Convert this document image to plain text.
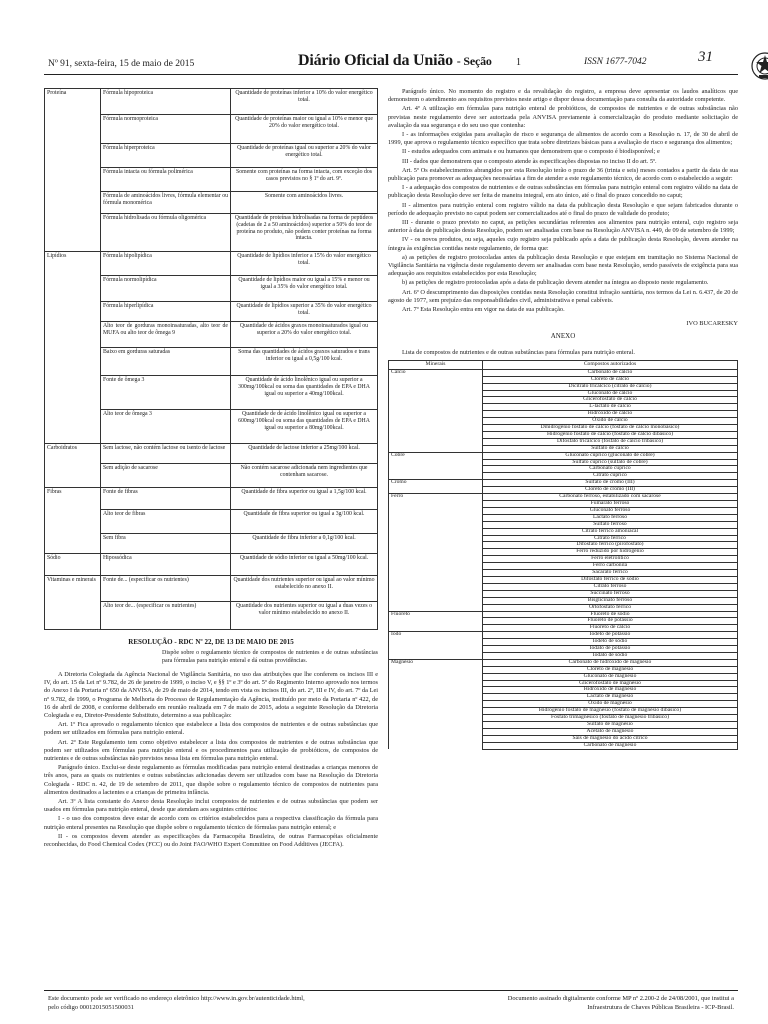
Nº 91, sexta-feira, 15 de maio de 2015	Diário Oficial da União - Seção 1	ISSN 1677-7042	31
Proteína	Fórmula hipoproteica	Quantidade de proteínas inferior a 10% do valor energético total.
	Fórmula normoproteica	Quantidade de proteínas maior ou igual a 10% e menor que 20% do valor energético total.
	Fórmula hiperproteica	Quantidade de proteínas igual ou superior a 20% do valor energético total.
	Fórmula intacta ou fórmula polimérica	Somente com proteínas na forma intacta, com exceção dos casos previstos no § 1º do art. 9º.
	Fórmula de aminoácidos livres, fórmula elementar ou fórmula monomérica	Somente com aminoácidos livres.
	Fórmula hidrolisada ou fórmula oligomérica	Quantidade de proteínas hidrolisadas na forma de peptídeos (cadeias de 2 a 50 aminoácidos) superior a 50% do teor de proteína no produto, não podem conter proteínas na forma intacta.
Lipídios	Fórmula hipolipídica	Quantidade de lipídios inferior a 15% do valor energético total.
	Fórmula normolipídica	Quantidade de lipídios maior ou igual a 15% e menor ou igual a 35% do valor energético total.
	Fórmula hiperlipídica	Quantidade de lipídios superior a 35% do valor energético total.
	Alto teor de gorduras monoinsaturadas, alto teor de MUFA ou alto teor de ômega 9	Quantidade de ácidos graxos monoinsaturados igual ou superior a 20% do valor energético total.
	Baixo em gorduras saturadas	Soma das quantidades de ácidos graxos saturados e trans inferior ou igual a 0,5g/100 kcal.
	Fonte de ômega 3	Quantidade de ácido linolênico igual ou superior a 300mg/100kcal ou soma das quantidades de EPA e DHA igual ou superior a 40mg/100kcal.
	Alto teor de ômega 3	Quantidade de de ácido linolênico igual ou superior a 600mg/100kcal ou soma das quantidades de EPA e DHA igual ou superior a 80mg/100kcal.
Carboidratos	Sem lactose, não contém lactose ou isento de lactose	Quantidade de lactose inferior a 25mg/100 kcal.
	Sem adição de sacarose	Não contém sacarose adicionada nem ingredientes que contenham sacarose.
Fibras	Fonte de fibras	Quantidade de fibra superior ou igual a 1,5g/100 kcal.
	Alto teor de fibras	Quantidade de fibra superior ou igual a 3g/100 kcal.
	Sem fibra	Quantidade de fibra inferior a 0,1g/100 kcal.
Sódio	Hipossódica	Quantidade de sódio inferior ou igual a 50mg/100 kcal.
Vitaminas e minerais	Fonte de... (especificar os nutrientes)	Quantidade dos nutrientes superior ou igual ao valor mínimo estabelecido no anexo II.
	Alto teor de... (especificar os nutrientes)	Quantidade dos nutrientes superior ou igual a duas vezes o valor mínimo estabelecido no anexo II.
RESOLUÇÃO - RDC Nº 22, DE 13 DE MAIO DE 2015
Dispõe sobre o regulamento técnico de compostos de nutrientes e de outras substâncias para fórmulas para nutrição enteral e dá outras providências.
A Diretoria Colegiada da Agência Nacional de Vigilância Sanitária, no uso das atribuições que lhe conferem os incisos III e IV, do art. 15 da Lei nº 9.782, de 26 de janeiro de 1999, o inciso V, e §§ 1º e 3º do art. 5º do Regimento Interno aprovado nos termos do Anexo I da Portaria nº 650 da ANVISA, de 29 de maio de 2014, tendo em vista os incisos III, do art. 2º, III e IV, do art. 7º da Lei nº 9.782, de 1999, o Programa de Melhoria do Processo de Regulamentação da Agência, instituído por meio da Portaria nº 422, de 16 de abril de 2008, e conforme deliberado em reunião realizada em 7 de maio de 2015, adota a seguinte Resolução da Diretoria Colegiada e eu, Diretor-Presidente Substituto, determino a sua publicação:
Art. 1º Fica aprovado o regulamento técnico que estabelece a lista dos compostos de nutrientes e de outras substâncias que podem ser utilizados em fórmulas para nutrição enteral.
Art. 2º Este Regulamento tem como objetivo estabelecer a lista dos compostos de nutrientes e de outras substâncias que podem ser utilizados em fórmulas para nutrição enteral e os procedimentos para utilização de probióticos, de compostos de nutrientes e de outras substâncias não previstos nessa lista em fórmulas para nutrição enteral.
Parágrafo único. Exclui-se deste regulamento as fórmulas modificadas para nutrição enteral destinadas a crianças menores de três anos, para as quais os nutrientes e outras substâncias adicionadas devem ser utilizados com base na Resolução da Diretoria Colegiada - RDC n. 42, de 19 de setembro de 2011, que dispõe sobre o regulamento técnico de compostos de nutrientes para alimentos destinados a lactentes e a crianças de primeira infância.
Art. 3º A lista constante do Anexo desta Resolução inclui compostos de nutrientes e de outras substâncias que podem ser usados em fórmulas para nutrição enteral, desde que atendam aos seguintes critérios:
I - o uso dos compostos deve estar de acordo com os critérios estabelecidos para a respectiva classificação da fórmula para nutrição enteral presentes na Resolução que dispõe sobre o regulamento técnico de fórmulas para nutrição enteral; e
II - os compostos devem atender as especificações da Farmacopéia Brasileira, de outras Farmacopéias oficialmente reconhecidas, do Food Chemical Codex (FCC) ou do Joint FAO/WHO Expert Committee on Food Additives (JECFA).
Parágrafo único. No momento do registro e da revalidação do registro, a empresa deve apresentar os laudos analíticos que demonstrem o atendimento aos requisitos previstos neste artigo e dispor dessa documentação para consulta da autoridade competente.
Art. 4º A utilização em fórmulas para nutrição enteral de probióticos, de compostos de nutrientes e de outras substâncias não previstas neste regulamento deve ser autorizada pela ANVISA previamente à comercialização do produto mediante solicitação de avaliação da sua segurança e do seu uso que contenha:
I - as informações exigidas para avaliação de risco e segurança de alimentos de acordo com a Resolução n. 17, de 30 de abril de 1999, que aprova o regulamento técnico específico que trata sobre diretrizes básicas para a avaliação de risco e segurança dos alimentos;
II - estudos adequados com animais e ou humanos que demonstrem que o composto é biodisponível; e
III - dados que demonstrem que o composto atende às especificações dispostas no inciso II do art. 5º.
Art. 5º Os estabelecimentos abrangidos por esta Resolução terão o prazo de 36 (trinta e seis) meses contados a partir da data de sua publicação para promover as adequações necessárias a fim de atender a este regulamento técnico, de acordo com o estabelecido a seguir:
I - a adequação dos compostos de nutrientes e de outras substâncias em fórmulas para nutrição enteral com registro válido na data de publicação desta Resolução deve ser feita de maneira integral, em ato único, até o final do prazo concedido no caput;
II - alimentos para nutrição enteral com registro válido na data da publicação desta Resolução e que sejam fabricados durante o período de adequação previsto no caput podem ser comercializados até o final do prazo de validade do produto;
III - durante o prazo previsto no caput, as petições secundárias referentes aos alimentos para nutrição enteral, cujo registro seja anterior à data de publicação desta Resolução, podem ser analisadas com base na Resolução ANVISA n. 449, de 09 de setembro de 1999;
IV - os novos produtos, ou seja, aqueles cujo registro seja publicado após a data de publicação desta Resolução, devem atender na íntegra às exigências contidas neste regulamento, de forma que:
a) as petições de registro protocoladas antes da publicação desta Resolução e que estejam em tramitação no Sistema Nacional de Vigilância Sanitária na vigência deste regulamento devem ser analisadas com base nesta Resolução, sendo passíveis de exigência para sua adequação aos requisitos estabelecidos por esta Resolução;
b) as petições de registro protocoladas após a data de publicação devem atender na íntegra ao disposto neste regulamento.
Art. 6º O descumprimento das disposições contidas nesta Resolução constitui infração sanitária, nos termos da Lei n. 6.437, de 20 de agosto de 1977, sem prejuízo das responsabilidades civil, administrativa e penal cabíveis.
Art. 7º Esta Resolução entra em vigor na data de sua publicação.
IVO BUCARESKY
ANEXO
Lista de compostos de nutrientes e de outras substâncias para fórmulas para nutrição enteral.
Minerais	Compostos autorizados
Cálcio	Carbonato de cálcio
	Cloreto de cálcio
	Dicitrato tricálcico (citrato de cálcio)
	Gluconato de cálcio
	Glicerofosfato de cálcio
	L-lactato de cálcio
	Hidróxido de cálcio
	Óxido de cálcio
	Dihidrogênio fosfato de cálcio (fosfato de cálcio monobásico)
	Hidrogênio fosfato de cálcio (fosfato de cálcio dibásico)
	Difosfato tricálcico (fosfato de cálcio tribásico)
	Sulfato de cálcio
Cobre	Gluconato cúprico (gluconato de cobre)
	Sulfato cúprico (sulfato de cobre)
	Carbonato cúprico
	Citrato cúprico
Cromo	Sulfato de cromo (III)
	Cloreto de cromo (III)
Ferro	Carbonato ferroso, estabilizado com sacarose
	Fumarato ferroso
	Gluconato ferroso
	Lactato ferroso
	Sulfato ferroso
	Citrato férrico amoniacal
	Citrato férrico
	Difosfato férrico (pirofosfato)
	Ferro reduzido por hidrogênio
	Ferro eletrolítico
	Ferro carbonila
	Sacarato férrico
	Difosfato férrico de sódio
	Citrato ferroso
	Succinato ferroso
	Bisglicinato ferroso
	Ortofosfato férrico
Fluoreto	Fluoreto de sódio
	Fluoreto de potássio
	Fluoreto de cálcio
Iodo	Iodeto de potássio
	Iodeto de sódio
	Iodato de potássio
	Iodato de sódio
Magnésio	Carbonato de hidróxido de magnésio
	Cloreto de magnésio
	Gluconato de magnésio
	Glicerofosfato de magnésio
	Hidróxido de magnésio
	Lactato de magnésio
	Óxido de magnésio
	Hidrogênio fosfato de magnésio (fosfato de magnésio dibásico)
	Fosfato trimagnésico (fosfato de magnésio tribásico)
	Sulfato de magnésio
	Acetato de magnésio
	Sais de magnésio do ácido cítrico
	Carbonato de magnésio
Este documento pode ser verificado no endereço eletrônico http://www.in.gov.br/autenticidade.html,
pelo código 00012015051500031
Documento assinado digitalmente conforme MP nº 2.200-2 de 24/08/2001, que institui a
Infraestrutura de Chaves Públicas Brasileira - ICP-Brasil.
